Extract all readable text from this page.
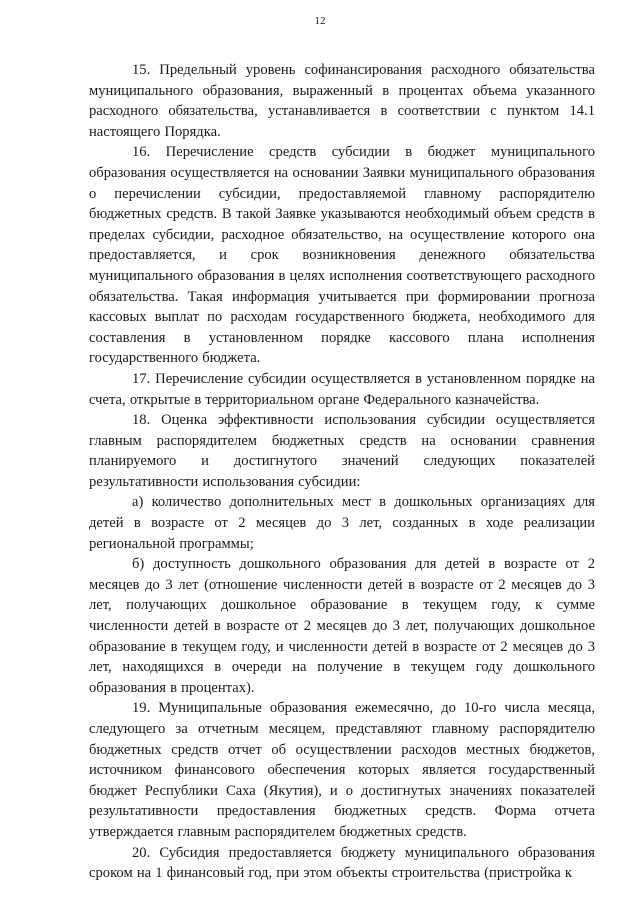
12

15. Предельный уровень софинансирования расходного обязательства муниципального образования, выраженный в процентах объема указанного расходного обязательства, устанавливается в соответствии с пунктом 14.1 настоящего Порядка.

16. Перечисление средств субсидии в бюджет муниципального образования осуществляется на основании Заявки муниципального образования о перечислении субсидии, предоставляемой главному распорядителю бюджетных средств. В такой Заявке указываются необходимый объем средств в пределах субсидии, расходное обязательство, на осуществление которого она предоставляется, и срок возникновения денежного обязательства муниципального образования в целях исполнения соответствующего расходного обязательства. Такая информация учитывается при формировании прогноза кассовых выплат по расходам государственного бюджета, необходимого для составления в установленном порядке кассового плана исполнения государственного бюджета.

17. Перечисление субсидии осуществляется в установленном порядке на счета, открытые в территориальном органе Федерального казначейства.

18. Оценка эффективности использования субсидии осуществляется главным распорядителем бюджетных средств на основании сравнения планируемого и достигнутого значений следующих показателей результативности использования субсидии:

а) количество дополнительных мест в дошкольных организациях для детей в возрасте от 2 месяцев до 3 лет, созданных в ходе реализации региональной программы;

б) доступность дошкольного образования для детей в возрасте от 2 месяцев до 3 лет (отношение численности детей в возрасте от 2 месяцев до 3 лет, получающих дошкольное образование в текущем году, к сумме численности детей в возрасте от 2 месяцев до 3 лет, получающих дошкольное образование в текущем году, и численности детей в возрасте от 2 месяцев до 3 лет, находящихся в очереди на получение в текущем году дошкольного образования в процентах).

19. Муниципальные образования ежемесячно, до 10-го числа месяца, следующего за отчетным месяцем, представляют главному распорядителю бюджетных средств отчет об осуществлении расходов местных бюджетов, источником финансового обеспечения которых является государственный бюджет Республики Саха (Якутия), и о достигнутых значениях показателей результативности предоставления бюджетных средств. Форма отчета утверждается главным распорядителем бюджетных средств.

20. Субсидия предоставляется бюджету муниципального образования сроком на 1 финансовый год, при этом объекты строительства (пристройка к
